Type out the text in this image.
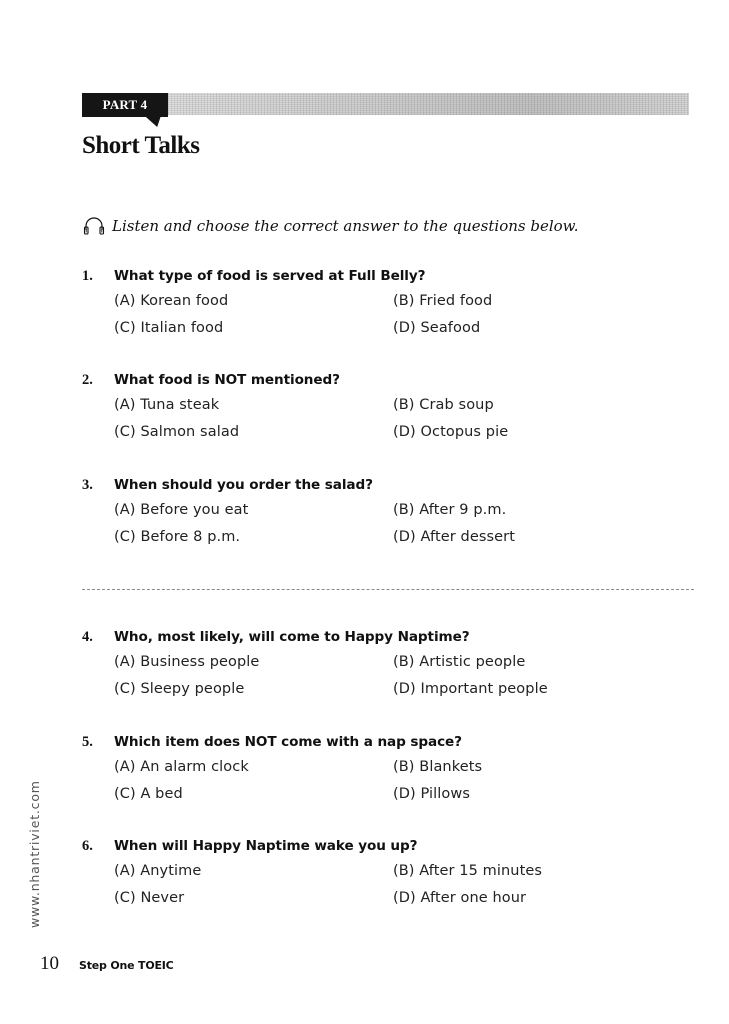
PART 4
Short Talks
Listen and choose the correct answer to the questions below.
1.	What type of food is served at Full Belly?
(A) Korean food	(B) Fried food
(C) Italian food	(D) Seafood
2.	What food is NOT mentioned?
(A) Tuna steak	(B) Crab soup
(C) Salmon salad	(D) Octopus pie
3.	When should you order the salad?
(A) Before you eat	(B) After 9 p.m.
(C) Before 8 p.m.	(D) After dessert
4.	Who, most likely, will come to Happy Naptime?
(A) Business people	(B) Artistic people
(C) Sleepy people	(D) Important people
5.	Which item does NOT come with a nap space?
(A) An alarm clock	(B) Blankets
(C) A bed	(D) Pillows
6.	When will Happy Naptime wake you up?
(A) Anytime	(B) After 15 minutes
(C) Never	(D) After one hour
www.nhantriviet.com
10 Step One TOEIC
